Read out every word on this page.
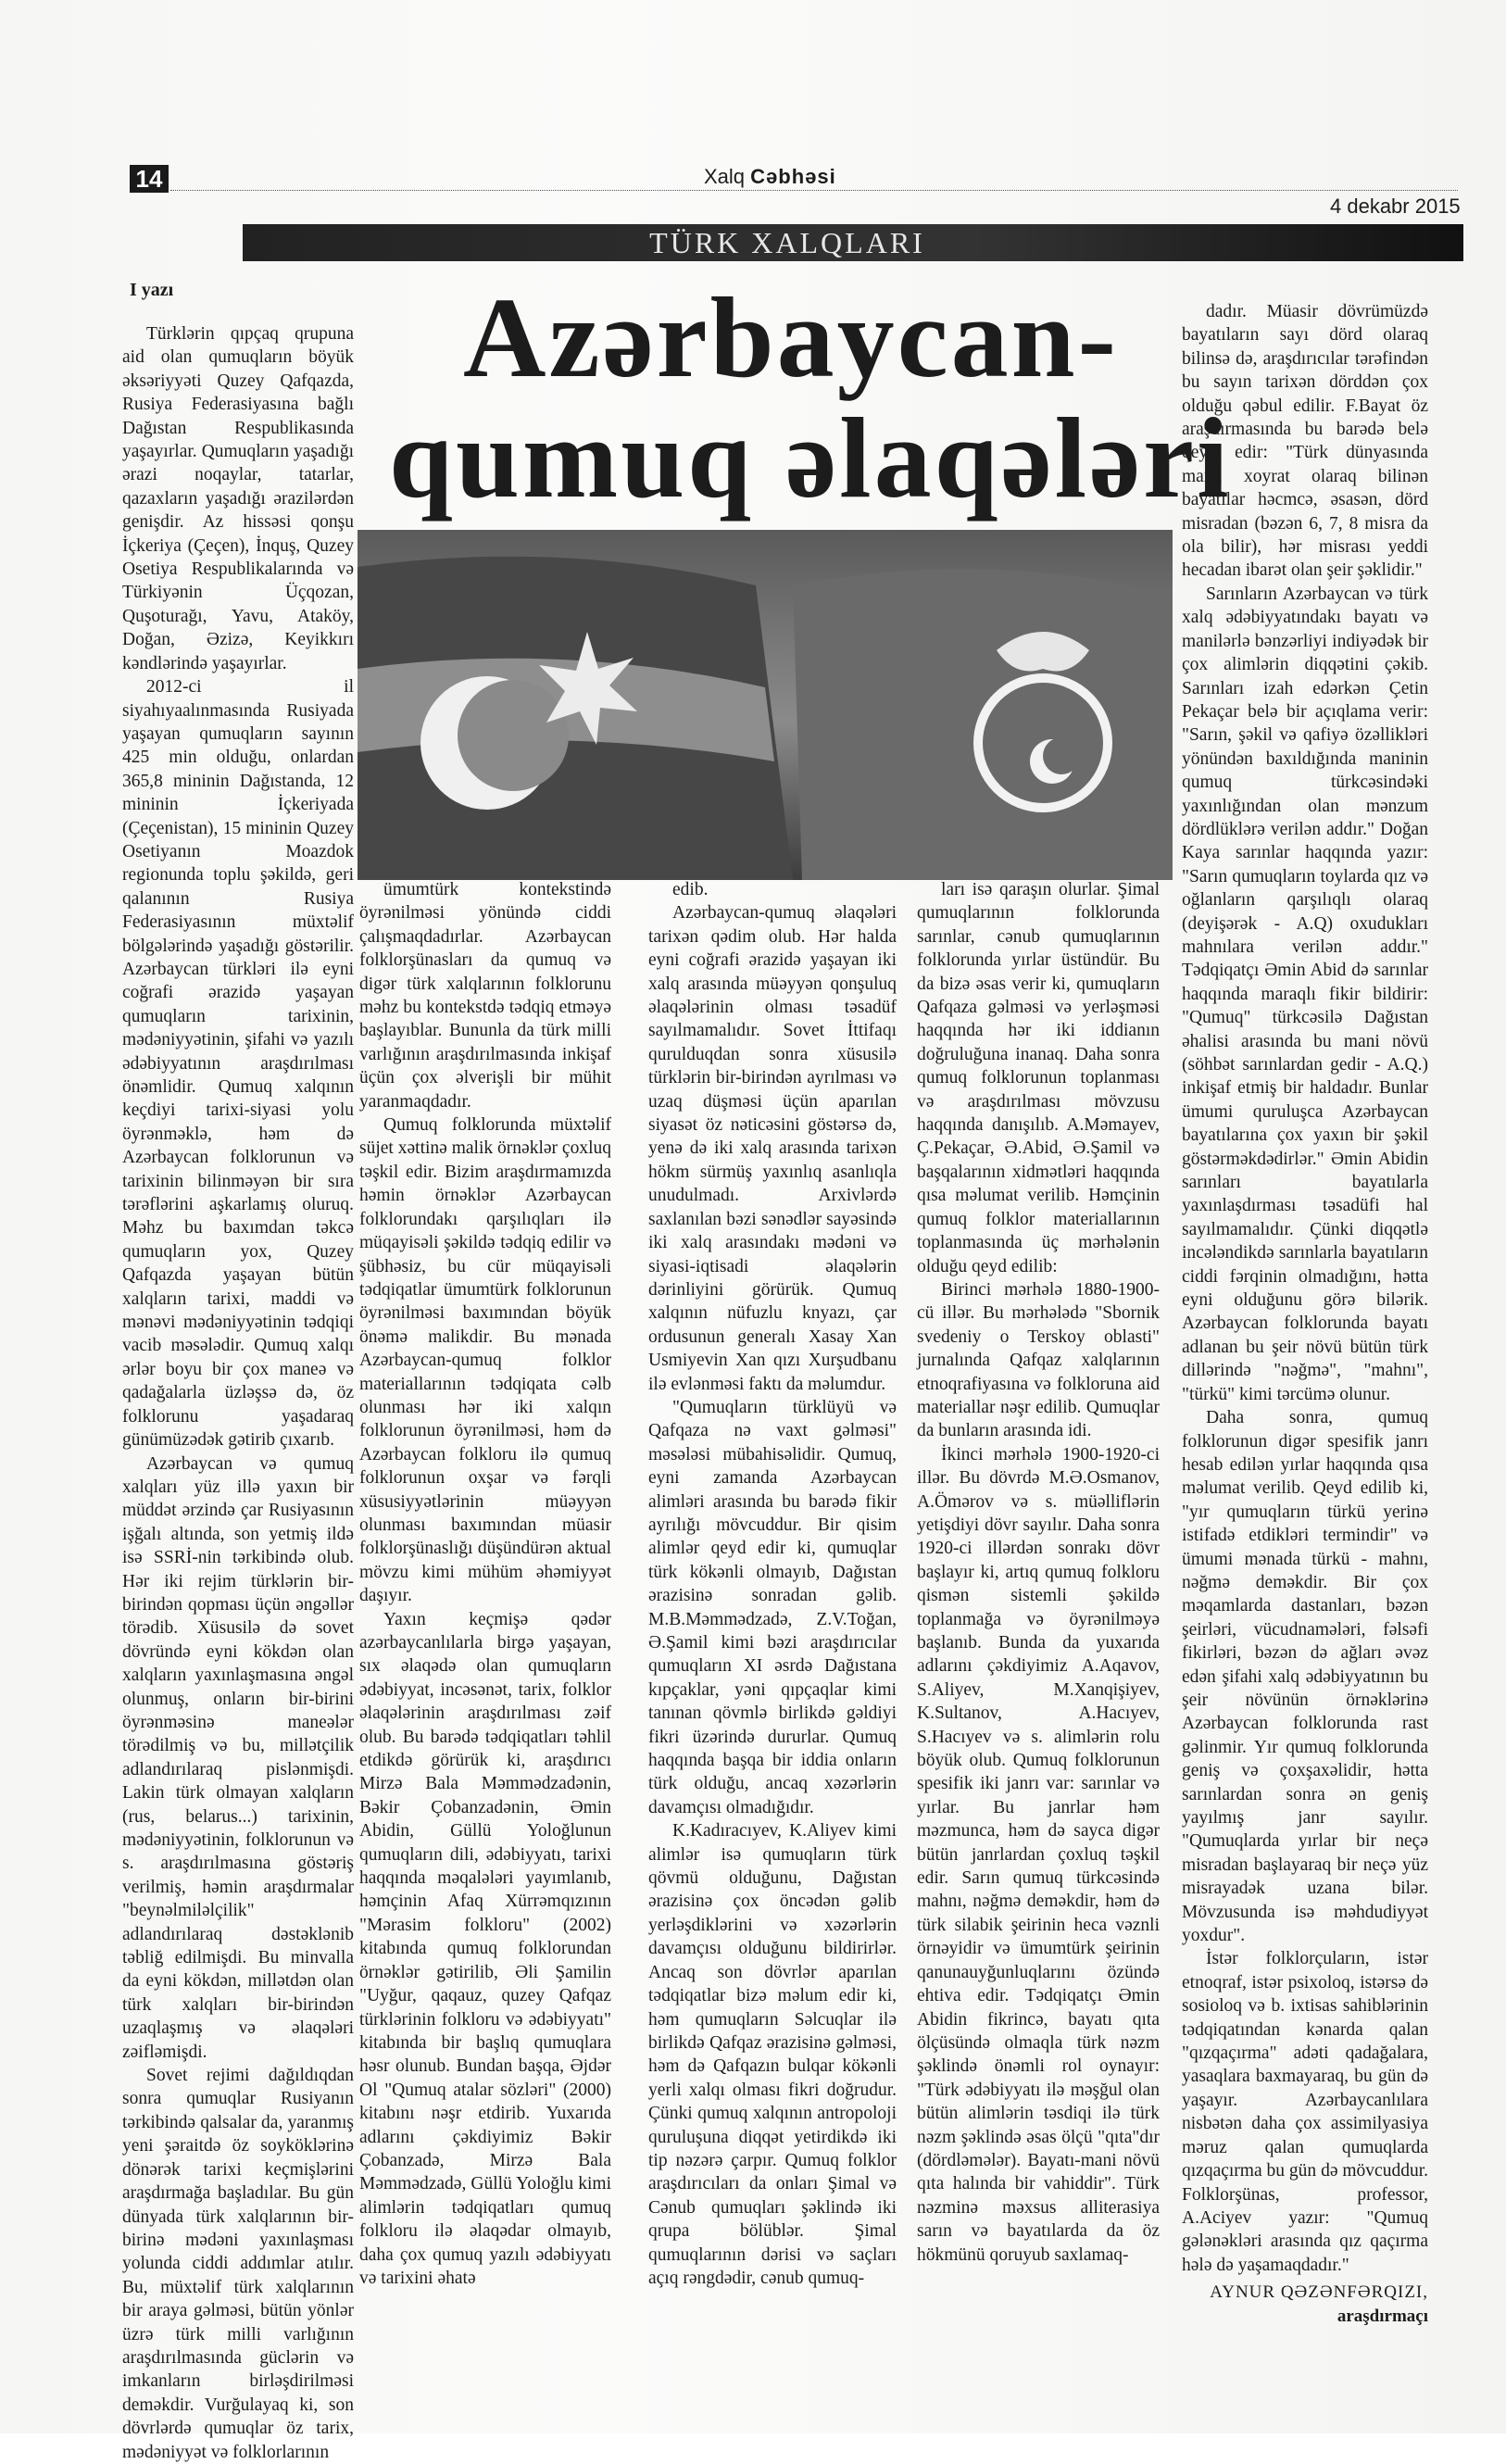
14	Xalq Cəbhəsi
4 dekabr 2015
TÜRK XALQLARI
I yazı	Azərbaycan-
qumuq əlaqələri

Türklərin qıpçaq qrupuna aid olan qumuqların böyük əksəriyyəti Quzey Qafqazda, Rusiya Federasiyasına bağlı Dağıstan Respublikasında yaşayırlar. Qumuqların yaşadığı ərazi noqaylar, tatarlar, qazaxların yaşadığı ərazilərdən genişdir. Az hissəsi qonşu İçkeriya (Çeçen), İnquş, Quzey Osetiya Respublikalarında və Türkiyənin Üçqozan, Quşoturağı, Yavu, Ataköy, Doğan, Əzizə, Keyikkırı kəndlərində yaşayırlar.

2012-ci il siyahıyaalınmasında Rusiyada yaşayan qumuqların sayının 425 min olduğu, onlardan 365,8 mininin Dağıstanda, 12 mininin İçkeriyada (Çeçenistan), 15 mininin Quzey Osetiyanın Moazdok regionunda toplu şəkildə, geri qalanının Rusiya Federasiyasının müxtəlif bölgələrində yaşadığı göstərilir. Azərbaycan türkləri ilə eyni coğrafi ərazidə yaşayan qumuqların tarixinin, mədəniyyətinin, şifahi və yazılı ədəbiyyatının araşdırılması önəmlidir. Qumuq xalqının keçdiyi tarixi-siyasi yolu öyrənməklə, həm də Azərbaycan folklorunun və tarixinin bilinməyən bir sıra tərəflərini aşkarlamış oluruq. Məhz bu baxımdan təkcə qumuqların yox, Quzey Qafqazda yaşayan bütün xalqların tarixi, maddi və mənəvi mədəniyyətinin tədqiqi vacib məsələdir. Qumuq xalqı ərlər boyu bir çox maneə və qadağalarla üzləşsə də, öz folklorunu yaşadaraq günümüzədək gətirib çıxarıb.

Azərbaycan və qumuq xalqları yüz illə yaxın bir müddət ərzində çar Rusiyasının işğalı altında, son yetmiş ildə isə SSRİ-nin tərkibində olub. Hər iki rejim türklərin bir-birindən qopması üçün əngəllər törədib. Xüsusilə də sovet dövründə eyni kökdən olan xalqların yaxınlaşmasına əngəl olunmuş, onların bir-birini öyrənməsinə maneələr törədilmiş və bu, millətçilik adlandırılaraq pislənmişdi. Lakin türk olmayan xalqların (rus, belarus...) tarixinin, mədəniyyətinin, folklorunun və s. araşdırılmasına göstəriş verilmiş, həmin araşdırmalar "beynəlmiləlçilik" adlandırılaraq dəstəklənib təbliğ edilmişdi. Bu minvalla da eyni kökdən, millətdən olan türk xalqları bir-birindən uzaqlaşmış və əlaqələri zəifləmişdi.

Sovet rejimi dağıldıqdan sonra qumuqlar Rusiyanın tərkibində qalsalar da, yaranmış yeni şəraitdə öz soyköklərinə dönərək tarixi keçmişlərini araşdırmağa başladılar. Bu gün dünyada türk xalqlarının bir-birinə mədəni yaxınlaşması yolunda ciddi addımlar atılır. Bu, müxtəlif türk xalqlarının bir araya gəlməsi, bütün yönlər üzrə türk milli varlığının araşdırılmasında güclərin və imkanların birləşdirilməsi deməkdir. Vurğulayaq ki, son dövrlərdə qumuqlar öz tarix, mədəniyyət və folklorlarının

ümumtürk kontekstində öyrənilməsi yönündə ciddi çalışmaqdadırlar. Azərbaycan folklorşünasları da qumuq və digər türk xalqlarının folklorunu məhz bu kontekstdə tədqiq etməyə başlayıblar. Bununla da türk milli varlığının araşdırılmasında inkişaf üçün çox əlverişli bir mühit yaranmaqdadır.

Qumuq folklorunda müxtəlif süjet xəttinə malik örnəklər çoxluq təşkil edir. Bizim araşdırmamızda həmin örnəklər Azərbaycan folklorundakı qarşılıqları ilə müqayisəli şəkildə tədqiq edilir və şübhəsiz, bu cür müqayisəli tədqiqatlar ümumtürk folklorunun öyrənilməsi baxımından böyük önəmə malikdir. Bu mənada Azərbaycan-qumuq folklor materiallarının tədqiqata cəlb olunması hər iki xalqın folklorunun öyrənilməsi, həm də Azərbaycan folkloru ilə qumuq folklorunun oxşar və fərqli xüsusiyyətlərinin müəyyən olunması baxımından müasir folklorşünaslığı düşündürən aktual mövzu kimi mühüm əhəmiyyət daşıyır.

Yaxın keçmişə qədər azərbaycanlılarla birgə yaşayan, sıx əlaqədə olan qumuqların ədəbiyyat, incəsənət, tarix, folklor əlaqələrinin araşdırılması zəif olub. Bu barədə tədqiqatları təhlil etdikdə görürük ki, araşdırıcı Mirzə Bala Məmmədzadənin, Bəkir Çobanzadənin, Əmin Abidin, Güllü Yoloğlunun qumuqların dili, ədəbiyyatı, tarixi haqqında məqalələri yayımlanıb, həmçinin Afaq Xürrəmqızının "Mərasim folkloru" (2002) kitabında qumuq folklorundan örnəklər gətirilib, Əli Şamilin "Uyğur, qaqauz, quzey Qafqaz türklərinin folkloru və ədəbiyyatı" kitabında bir başlıq qumuqlara həsr olunub. Bundan başqa, Əjdər Ol "Qumuq atalar sözləri" (2000) kitabını nəşr etdirib. Yuxarıda adlarını çəkdiyimiz Bəkir Çobanzadə, Mirzə Bala Məmmədzadə, Güllü Yoloğlu kimi alimlərin tədqiqatları qumuq folkloru ilə əlaqədar olmayıb, daha çox qumuq yazılı ədəbiyyatı və tarixini əhatə

edib.

Azərbaycan-qumuq əlaqələri tarixən qədim olub. Hər halda eyni coğrafi ərazidə yaşayan iki xalq arasında müəyyən qonşuluq əlaqələrinin olması təsadüf sayılmamalıdır. Sovet İttifaqı qurulduqdan sonra xüsusilə türklərin bir-birindən ayrılması və uzaq düşməsi üçün aparılan siyasət öz nəticəsini göstərsə də, yenə də iki xalq arasında tarixən hökm sürmüş yaxınlıq asanlıqla unudulmadı. Arxivlərdə saxlanılan bəzi sənədlər sayəsində iki xalq arasındakı mədəni və siyasi-iqtisadi əlaqələrin dərinliyini görürük. Qumuq xalqının nüfuzlu knyazı, çar ordusunun generalı Xasay Xan Usmiyevin Xan qızı Xurşudbanu ilə evlənməsi faktı da məlumdur.

"Qumuqların türklüyü və Qafqaza nə vaxt gəlməsi" məsələsi mübahisəlidir. Qumuq, eyni zamanda Azərbaycan alimləri arasında bu barədə fikir ayrılığı mövcuddur. Bir qisim alimlər qeyd edir ki, qumuqlar türk kökənli olmayıb, Dağıstan ərazisinə sonradan gəlib. M.B.Məmmədzadə, Z.V.Toğan, Ə.Şamil kimi bəzi araşdırıcılar qumuqların XI əsrdə Dağıstana kıpçaklar, yəni qıpçaqlar kimi tanınan qövmlə birlikdə gəldiyi fikri üzərində dururlar. Qumuq haqqında başqa bir iddia onların türk olduğu, ancaq xəzərlərin davamçısı olmadığıdır.

K.Kadıracıyev, K.Aliyev kimi alimlər isə qumuqların türk qövmü olduğunu, Dağıstan ərazisinə çox öncədən gəlib yerləşdiklərini və xəzərlərin davamçısı olduğunu bildirirlər. Ancaq son dövrlər aparılan tədqiqatlar bizə məlum edir ki, həm qumuqların Səlcuqlar ilə birlikdə Qafqaz ərazisinə gəlməsi, həm də Qafqazın bulqar kökənli yerli xalqı olması fikri doğrudur. Çünki qumuq xalqının antropoloji quruluşuna diqqət yetirdikdə iki tip nəzərə çarpır. Qumuq folklor araşdırıcıları da onları Şimal və Cənub qumuqları şəklində iki qrupa bölüblər. Şimal qumuqlarının dərisi və saçları açıq rəngdədir, cənub qumuq-

ları isə qaraşın olurlar. Şimal qumuqlarının folklorunda sarınlar, cənub qumuqlarının folklorunda yırlar üstündür. Bu da bizə əsas verir ki, qumuqların Qafqaza gəlməsi və yerləşməsi haqqında hər iki iddianın doğruluğuna inanaq. Daha sonra qumuq folklorunun toplanması və araşdırılması mövzusu haqqında danışılıb. A.Məmayev, Ç.Pekaçar, Ə.Abid, Ə.Şamil və başqalarının xidmətləri haqqında qısa məlumat verilib. Həmçinin qumuq folklor materiallarının toplanmasında üç mərhələnin olduğu qeyd edilib:

Birinci mərhələ 1880-1900-cü illər. Bu mərhələdə "Sbornik svedeniy o Terskoy oblasti" jurnalında Qafqaz xalqlarının etnoqrafiyasına və folkloruna aid materiallar nəşr edilib. Qumuqlar da bunların arasında idi.

İkinci mərhələ 1900-1920-ci illər. Bu dövrdə M.Ə.Osmanov, A.Ömərov və s. müəlliflərin yetişdiyi dövr sayılır. Daha sonra 1920-ci illərdən sonrakı dövr başlayır ki, artıq qumuq folkloru qismən sistemli şəkildə toplanmağa və öyrənilməyə başlanıb. Bunda da yuxarıda adlarını çəkdiyimiz A.Aqavov, S.Aliyev, M.Xanqişiyev, K.Sultanov, A.Hacıyev, S.Hacıyev və s. alimlərin rolu böyük olub. Qumuq folklorunun spesifik iki janrı var: sarınlar və yırlar. Bu janrlar həm məzmunca, həm də sayca digər bütün janrlardan çoxluq təşkil edir. Sarın qumuq türkcəsində mahnı, nəğmə deməkdir, həm də türk silabik şeirinin heca vəznli örnəyidir və ümumtürk şeirinin qanunauyğunluqlarını özündə ehtiva edir. Tədqiqatçı Əmin Abidin fikrincə, bayatı qıta ölçüsündə olmaqla türk nəzm şəklində önəmli rol oynayır: "Türk ədəbiyyatı ilə məşğul olan bütün alimlərin təsdiqi ilə türk nəzm şəklində əsas ölçü "qıta"dır (dördləmələr). Bayatı-mani növü qıta halında bir vahiddir". Türk nəzminə məxsus alliterasiya sarın və bayatılarda da öz hökmünü qoruyub saxlamaq-

dadır. Müasir dövrümüzdə bayatıların sayı dörd olaraq bilinsə də, araşdırıcılar tərəfindən bu sayın tarixən dörddən çox olduğu qəbul edilir. F.Bayat öz araşdırmasında bu barədə belə qeyd edir: "Türk dünyasında mani, xoyrat olaraq bilinən bayatılar həcmcə, əsasən, dörd misradan (bəzən 6, 7, 8 misra da ola bilir), hər misrası yeddi hecadan ibarət olan şeir şəklidir."

Sarınların Azərbaycan və türk xalq ədəbiyyatındakı bayatı və manilərlə bənzərliyi indiyədək bir çox alimlərin diqqətini çəkib. Sarınları izah edərkən Çetin Pekaçar belə bir açıqlama verir: "Sarın, şəkil və qafiyə özəllikləri yönündən baxıldığında maninin qumuq türkcəsindəki yaxınlığından olan mənzum dördlüklərə verilən addır." Doğan Kaya sarınlar haqqında yazır: "Sarın qumuqların toylarda qız və oğlanların qarşılıqlı olaraq (deyişərək - A.Q) oxudukları mahnılara verilən addır." Tədqiqatçı Əmin Abid də sarınlar haqqında maraqlı fikir bildirir: "Qumuq" türkcəsilə Dağıstan əhalisi arasında bu mani növü (söhbət sarınlardan gedir - A.Q.) inkişaf etmiş bir haldadır. Bunlar ümumi quruluşca Azərbaycan bayatılarına çox yaxın bir şəkil göstərməkdədirlər." Əmin Abidin sarınları bayatılarla yaxınlaşdırması təsadüfi hal sayılmamalıdır. Çünki diqqətlə incələndikdə sarınlarla bayatıların ciddi fərqinin olmadığını, hətta eyni olduğunu görə bilərik. Azərbaycan folklorunda bayatı adlanan bu şeir növü bütün türk dillərində "nəğmə", "mahnı", "türkü" kimi tərcümə olunur.

Daha sonra, qumuq folklorunun digər spesifik janrı hesab edilən yırlar haqqında qısa məlumat verilib. Qeyd edilib ki, "yır qumuqların türkü yerinə istifadə etdikləri termindir" və ümumi mənada türkü - mahnı, nəğmə deməkdir. Bir çox məqamlarda dastanları, bəzən şeirləri, vücudnamələri, fəlsəfi fikirləri, bəzən də ağları əvəz edən şifahi xalq ədəbiyyatının bu şeir növünün örnəklərinə Azərbaycan folklorunda rast gəlinmir. Yır qumuq folklorunda geniş və çoxşaxəlidir, hətta sarınlardan sonra ən geniş yayılmış janr sayılır. "Qumuqlarda yırlar bir neçə misradan başlayaraq bir neçə yüz misrayadək uzana bilər. Mövzusunda isə məhdudiyyət yoxdur".

İstər folklorçuların, istər etnoqraf, istər psixoloq, istərsə də sosioloq və b. ixtisas sahiblərinin tədqiqatından kənarda qalan "qızqaçırma" adəti qadağalara, yasaqlara baxmayaraq, bu gün də yaşayır. Azərbaycanlılara nisbətən daha çox assimilyasiya məruz qalan qumuqlarda qızqaçırma bu gün də mövcuddur. Folklorşünas, professor, A.Aciyev yazır: "Qumuq gələnəkləri arasında qız qaçırma hələ də yaşamaqdadır."

AYNUR QƏZƏNFƏRQIZI,
araşdırmaçı
